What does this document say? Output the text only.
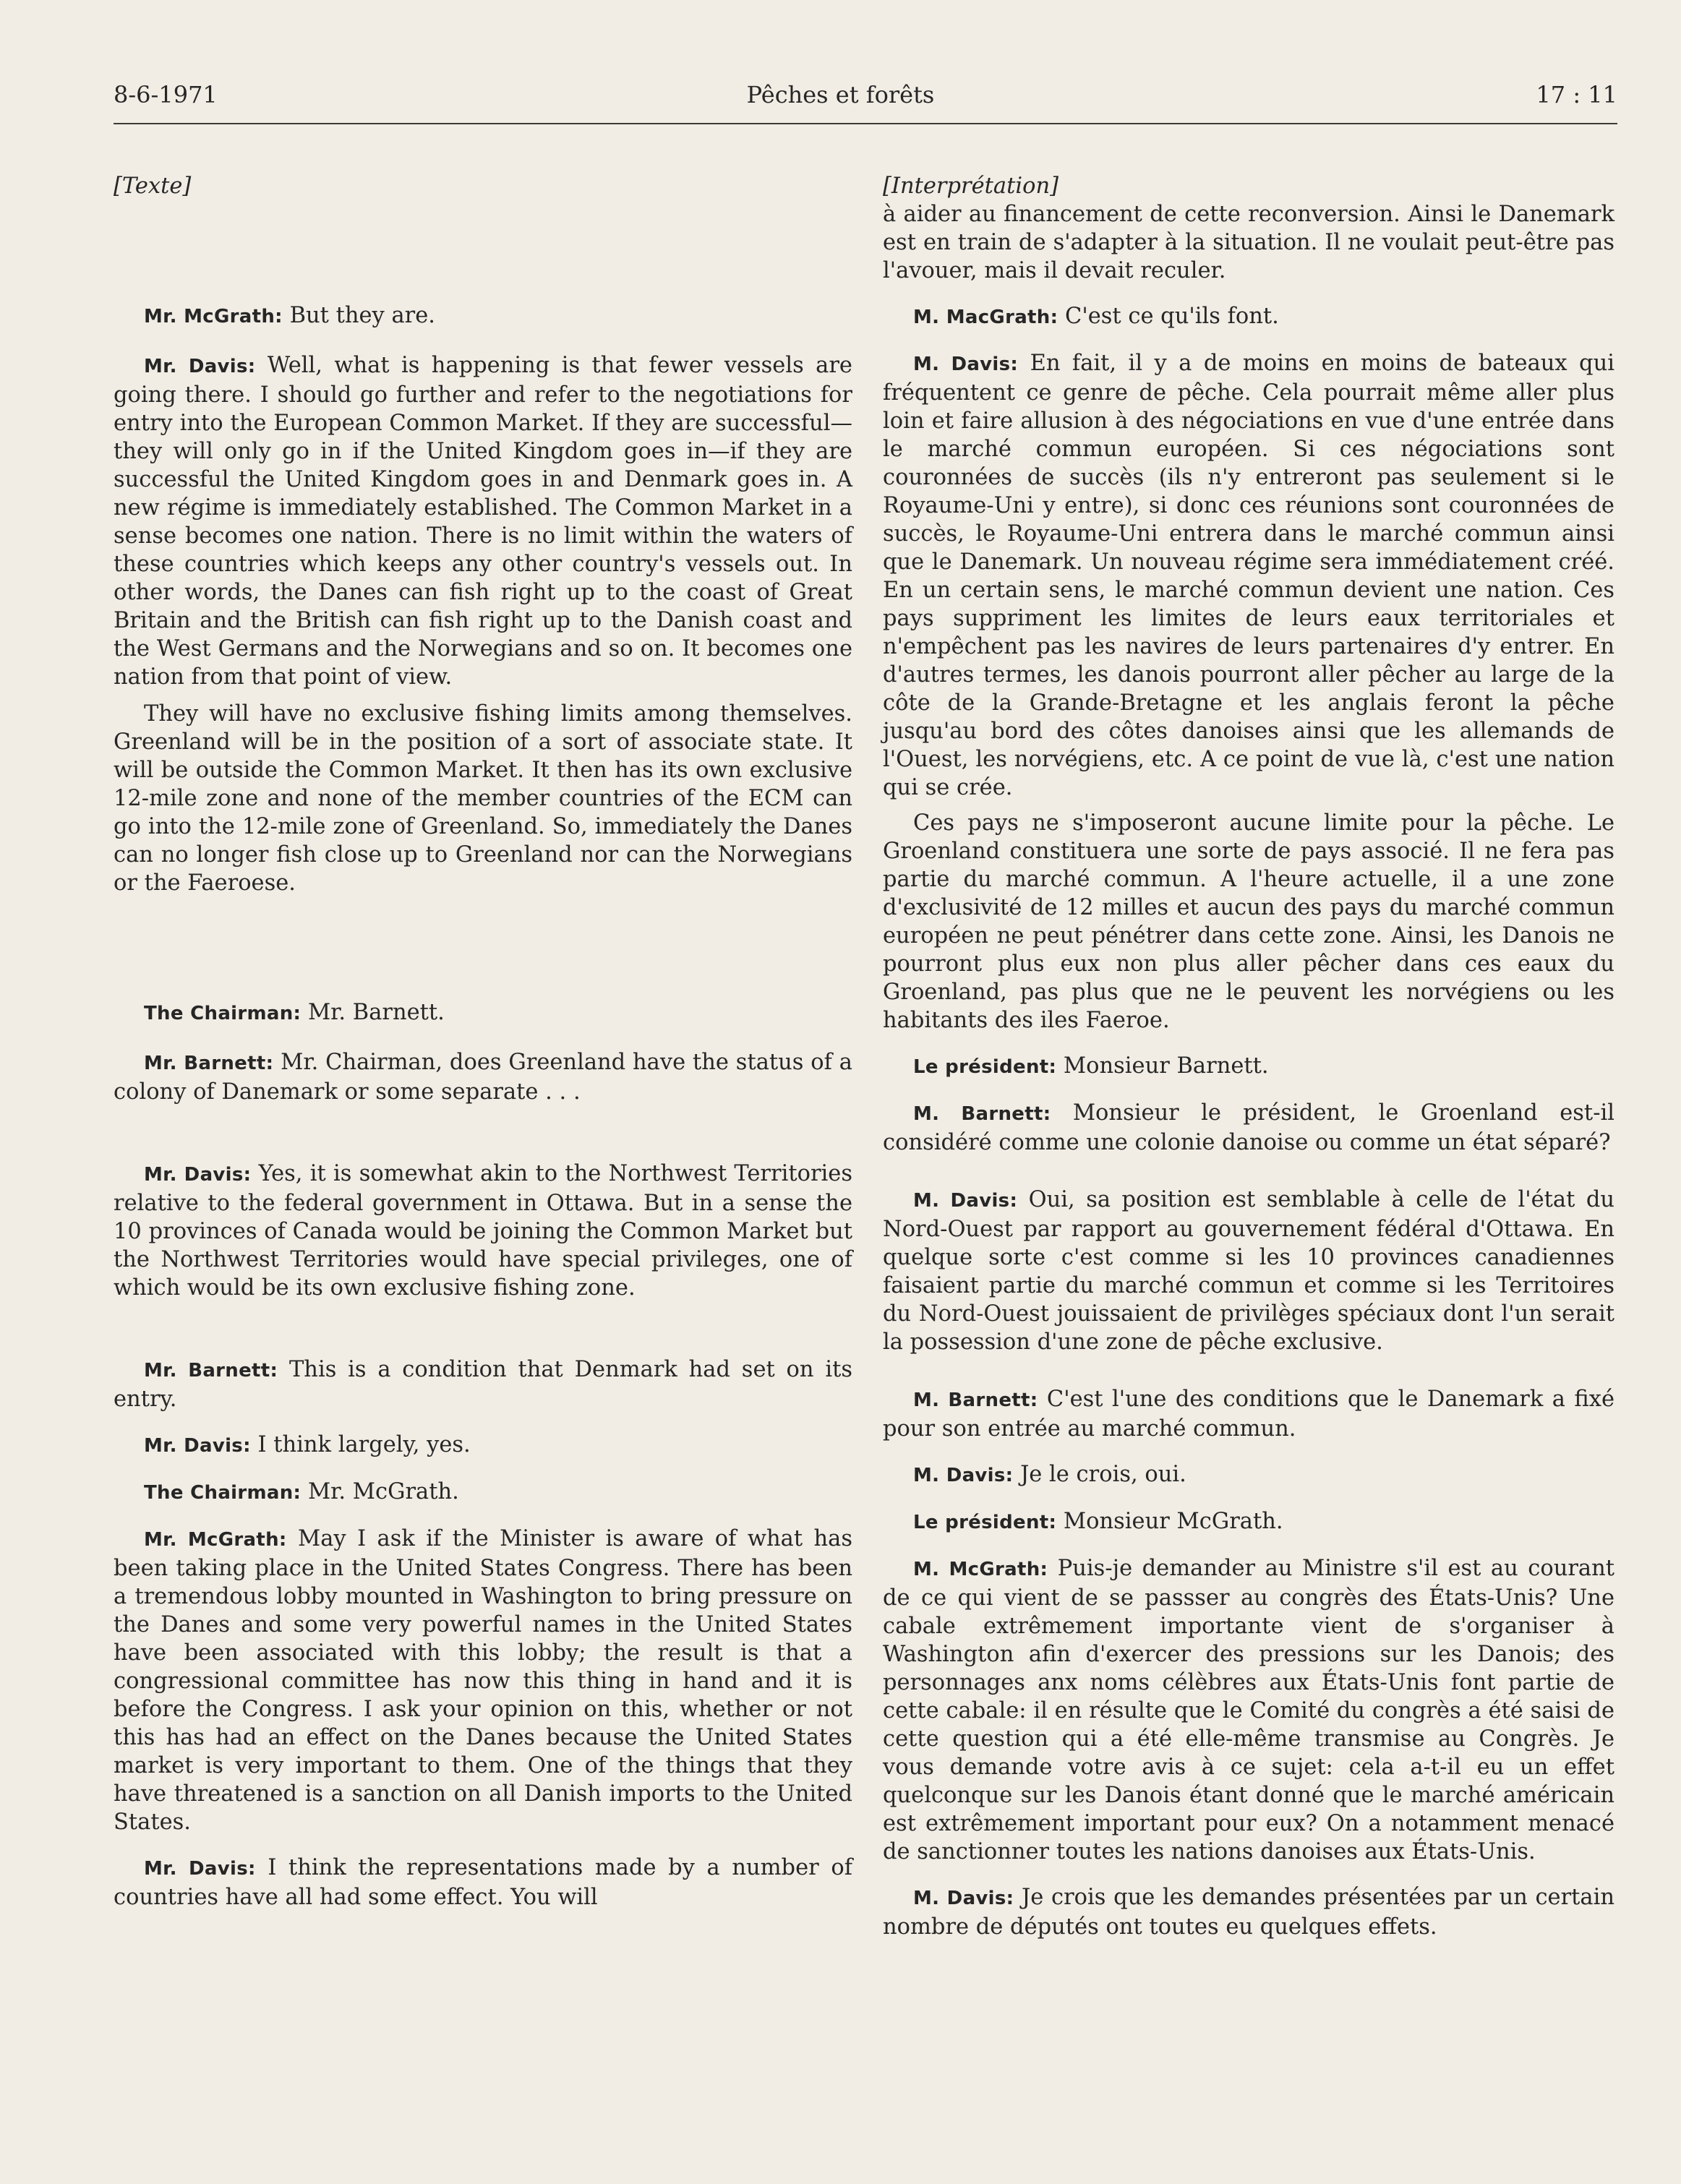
8-6-1971	Pêches et forêts	17 : 11

[Texte]

Mr. McGrath: But they are.

Mr. Davis: Well, what is happening is that fewer vessels are going there. I should go further and refer to the negotiations for entry into the European Common Market. If they are successful—they will only go in if the United Kingdom goes in—if they are successful the United Kingdom goes in and Denmark goes in. A new régime is immediately established. The Common Market in a sense becomes one nation. There is no limit within the waters of these countries which keeps any other country's vessels out. In other words, the Danes can fish right up to the coast of Great Britain and the British can fish right up to the Danish coast and the West Germans and the Norwegians and so on. It becomes one nation from that point of view.

They will have no exclusive fishing limits among themselves. Greenland will be in the position of a sort of associate state. It will be outside the Common Market. It then has its own exclusive 12-mile zone and none of the member countries of the ECM can go into the 12-mile zone of Greenland. So, immediately the Danes can no longer fish close up to Greenland nor can the Norwegians or the Faeroese.

The Chairman: Mr. Barnett.

Mr. Barnett: Mr. Chairman, does Greenland have the status of a colony of Danemark or some separate . . .

Mr. Davis: Yes, it is somewhat akin to the Northwest Territories relative to the federal government in Ottawa. But in a sense the 10 provinces of Canada would be joining the Common Market but the Northwest Territories would have special privileges, one of which would be its own exclusive fishing zone.

Mr. Barnett: This is a condition that Denmark had set on its entry.

Mr. Davis: I think largely, yes.

The Chairman: Mr. McGrath.

Mr. McGrath: May I ask if the Minister is aware of what has been taking place in the United States Congress. There has been a tremendous lobby mounted in Washington to bring pressure on the Danes and some very powerful names in the United States have been associated with this lobby; the result is that a congressional committee has now this thing in hand and it is before the Congress. I ask your opinion on this, whether or not this has had an effect on the Danes because the United States market is very important to them. One of the things that they have threatened is a sanction on all Danish imports to the United States.

Mr. Davis: I think the representations made by a number of countries have all had some effect. You will

[Interprétation]

à aider au financement de cette reconversion. Ainsi le Danemark est en train de s'adapter à la situation. Il ne voulait peut-être pas l'avouer, mais il devait reculer.

M. MacGrath: C'est ce qu'ils font.

M. Davis: En fait, il y a de moins en moins de bateaux qui fréquentent ce genre de pêche. Cela pourrait même aller plus loin et faire allusion à des négociations en vue d'une entrée dans le marché commun européen. Si ces négociations sont couronnées de succès (ils n'y entreront pas seulement si le Royaume-Uni y entre), si donc ces réunions sont couronnées de succès, le Royaume-Uni entrera dans le marché commun ainsi que le Danemark. Un nouveau régime sera immédiatement créé. En un certain sens, le marché commun devient une nation. Ces pays suppriment les limites de leurs eaux territoriales et n'empêchent pas les navires de leurs partenaires d'y entrer. En d'autres termes, les danois pourront aller pêcher au large de la côte de la Grande-Bretagne et les anglais feront la pêche jusqu'au bord des côtes danoises ainsi que les allemands de l'Ouest, les norvégiens, etc. A ce point de vue là, c'est une nation qui se crée.

Ces pays ne s'imposeront aucune limite pour la pêche. Le Groenland constituera une sorte de pays associé. Il ne fera pas partie du marché commun. A l'heure actuelle, il a une zone d'exclusivité de 12 milles et aucun des pays du marché commun européen ne peut pénétrer dans cette zone. Ainsi, les Danois ne pourront plus eux non plus aller pêcher dans ces eaux du Groenland, pas plus que ne le peuvent les norvégiens ou les habitants des iles Faeroe.

Le président: Monsieur Barnett.

M. Barnett: Monsieur le président, le Groenland est-il considéré comme une colonie danoise ou comme un état séparé?

M. Davis: Oui, sa position est semblable à celle de l'état du Nord-Ouest par rapport au gouvernement fédéral d'Ottawa. En quelque sorte c'est comme si les 10 provinces canadiennes faisaient partie du marché commun et comme si les Territoires du Nord-Ouest jouissaient de privilèges spéciaux dont l'un serait la possession d'une zone de pêche exclusive.

M. Barnett: C'est l'une des conditions que le Danemark a fixé pour son entrée au marché commun.

M. Davis: Je le crois, oui.

Le président: Monsieur McGrath.

M. McGrath: Puis-je demander au Ministre s'il est au courant de ce qui vient de se passser au congrès des États-Unis? Une cabale extrêmement importante vient de s'organiser à Washington afin d'exercer des pressions sur les Danois; des personnages anx noms célèbres aux États-Unis font partie de cette cabale: il en résulte que le Comité du congrès a été saisi de cette question qui a été elle-même transmise au Congrès. Je vous demande votre avis à ce sujet: cela a-t-il eu un effet quelconque sur les Danois étant donné que le marché américain est extrêmement important pour eux? On a notamment menacé de sanctionner toutes les nations danoises aux États-Unis.

M. Davis: Je crois que les demandes présentées par un certain nombre de députés ont toutes eu quelques effets.
